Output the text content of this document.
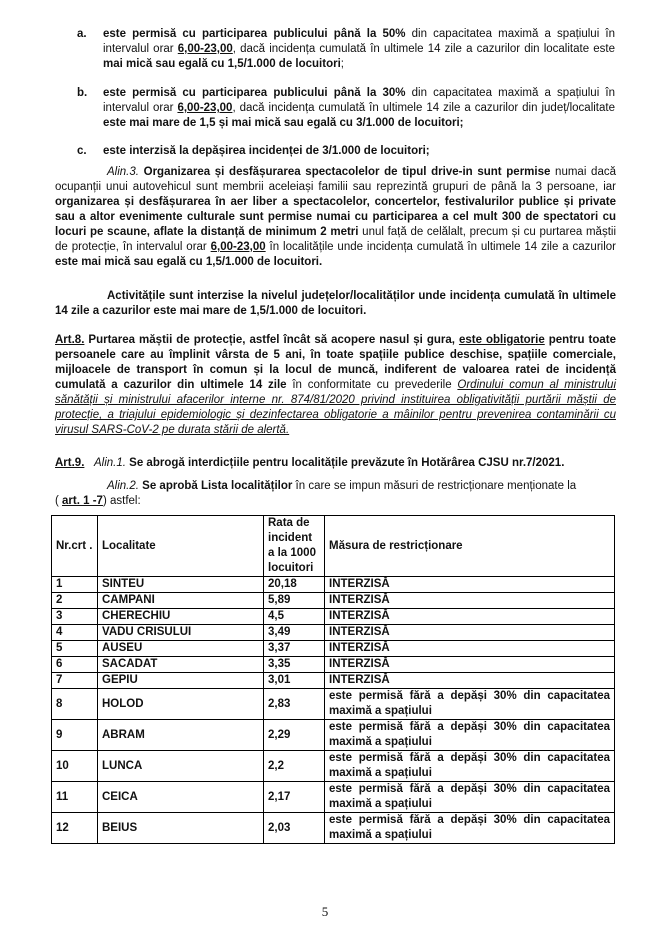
a. este permisă cu participarea publicului până la 50% din capacitatea maximă a spațiului în intervalul orar 6,00-23,00, dacă incidența cumulată în ultimele 14 zile a cazurilor din localitate este mai mică sau egală cu 1,5/1.000 de locuitori;
b. este permisă cu participarea publicului până la 30% din capacitatea maximă a spațiului în intervalul orar 6,00-23,00, dacă incidența cumulată în ultimele 14 zile a cazurilor din județ/localitate este mai mare de 1,5 și mai mică sau egală cu 3/1.000 de locuitori;
c. este interzisă la depășirea incidenței de 3/1.000 de locuitori;
Alin.3. Organizarea și desfășurarea spectacolelor de tipul drive-in sunt permise numai dacă ocupanții unui autovehicul sunt membrii aceleiași familii sau reprezintă grupuri de până la 3 persoane, iar organizarea și desfășurarea în aer liber a spectacolelor, concertelor, festivalurilor publice și private sau a altor evenimente culturale sunt permise numai cu participarea a cel mult 300 de spectatori cu locuri pe scaune, aflate la distanță de minimum 2 metri unul față de celălalt, precum și cu purtarea măștii de protecție, în intervalul orar 6,00-23,00 în localitățile unde incidența cumulată în ultimele 14 zile a cazurilor este mai mică sau egală cu 1,5/1.000 de locuitori.
Activitățile sunt interzise la nivelul județelor/localităților unde incidența cumulată în ultimele 14 zile a cazurilor este mai mare de 1,5/1.000 de locuitori.
Art.8. Purtarea măștii de protecție, astfel încât să acopere nasul și gura, este obligatorie pentru toate persoanele care au împlinit vârsta de 5 ani, în toate spațiile publice deschise, spațiile comerciale, mijloacele de transport în comun și la locul de muncă, indiferent de valoarea ratei de incidență cumulată a cazurilor din ultimele 14 zile în conformitate cu prevederile Ordinului comun al ministrului sănătății și ministrului afacerilor interne nr. 874/81/2020 privind instituirea obligativității purtării măștii de protecție, a triajului epidemiologic și dezinfectarea obligatorie a mâinilor pentru prevenirea contaminării cu virusul SARS-CoV-2 pe durata stării de alertă.
Art.9. Alin.1. Se abrogă interdicțiile pentru localitățile prevăzute în Hotărârea CJSU nr.7/2021.
Alin.2. Se aprobă Lista localităților în care se impun măsuri de restricționare menționate la
( art. 1 -7) astfel:
Nr.crt .	Localitate	Rata de incident a la 1000 locuitori	Măsura de restricționare
1	SINTEU	20,18	INTERZISĂ
2	CAMPANI	5,89	INTERZISĂ
3	CHERECHIU	4,5	INTERZISĂ
4	VADU CRISULUI	3,49	INTERZISĂ
5	AUSEU	3,37	INTERZISĂ
6	SACADAT	3,35	INTERZISĂ
7	GEPIU	3,01	INTERZISĂ
8	HOLOD	2,83	este permisă fără a depăși 30% din capacitatea maximă a spațiului
9	ABRAM	2,29	este permisă fără a depăși 30% din capacitatea maximă a spațiului
10	LUNCA	2,2	este permisă fără a depăși 30% din capacitatea maximă a spațiului
11	CEICA	2,17	este permisă fără a depăși 30% din capacitatea maximă a spațiului
12	BEIUS	2,03	este permisă fără a depăși 30% din capacitatea maximă a spațiului
5
